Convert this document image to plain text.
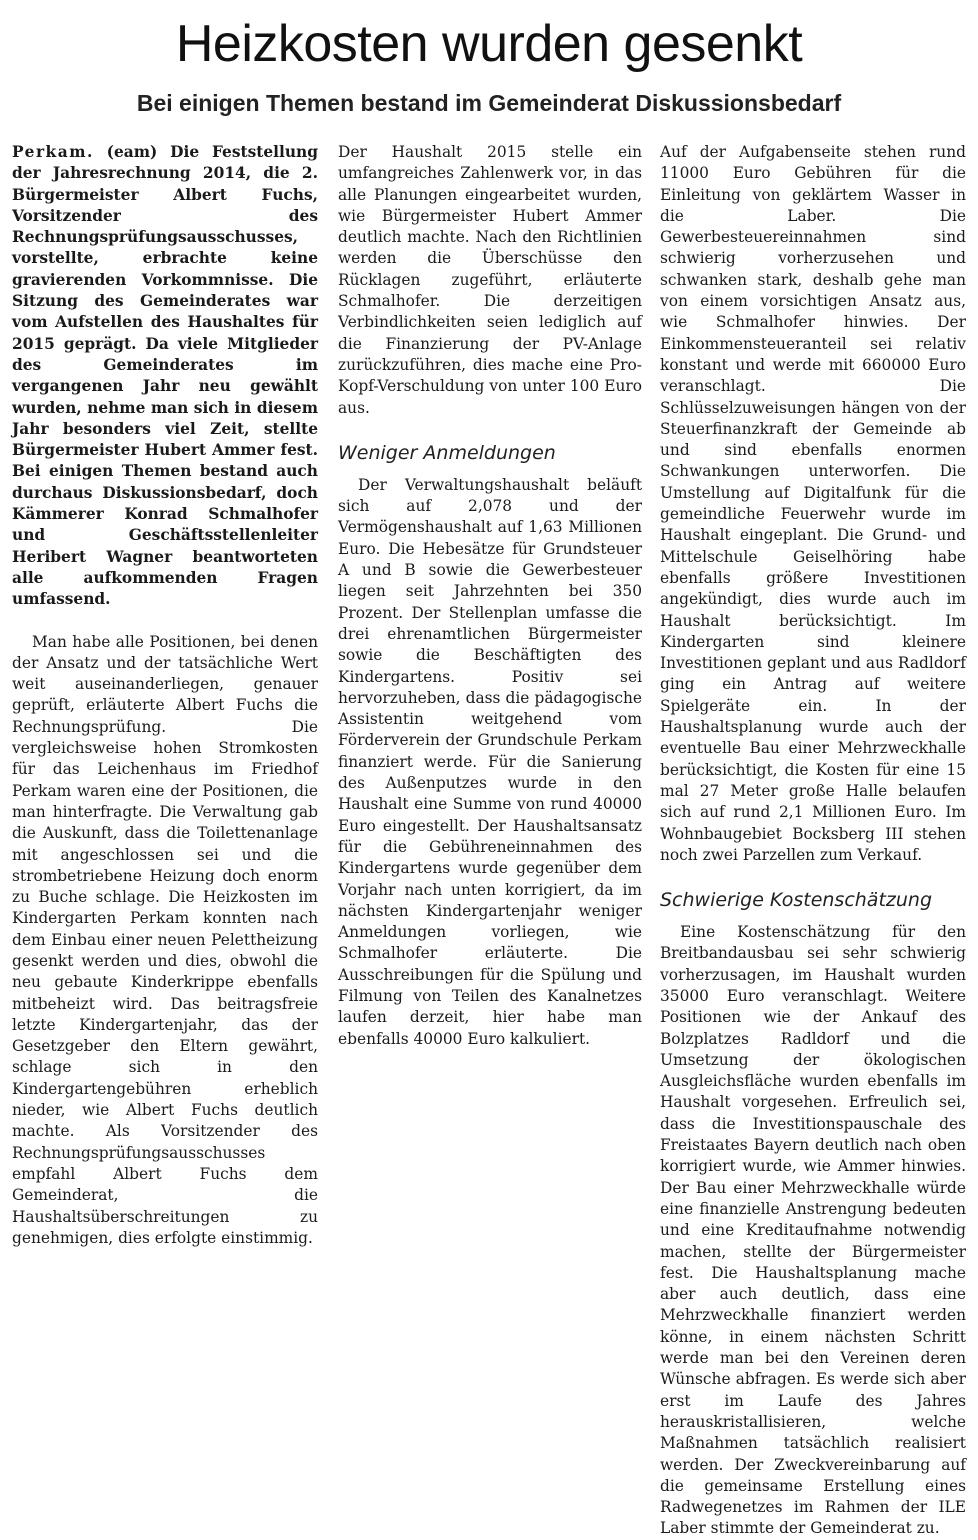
Heizkosten wurden gesenkt
Bei einigen Themen bestand im Gemeinderat Diskussionsbedarf

Perkam. (eam) Die Feststellung der Jahresrechnung 2014, die 2. Bürgermeister Albert Fuchs, Vorsitzender des Rechnungsprüfungsausschusses, vorstellte, erbrachte keine gravierenden Vorkommnisse. Die Sitzung des Gemeinderates war vom Aufstellen des Haushaltes für 2015 geprägt. Da viele Mitglieder des Gemeinderates im vergangenen Jahr neu gewählt wurden, nehme man sich in diesem Jahr besonders viel Zeit, stellte Bürgermeister Hubert Ammer fest. Bei einigen Themen bestand auch durchaus Diskussionsbedarf, doch Kämmerer Konrad Schmalhofer und Geschäftsstellenleiter Heribert Wagner beantworteten alle aufkommenden Fragen umfassend.

Man habe alle Positionen, bei denen der Ansatz und der tatsächliche Wert weit auseinanderliegen, genauer geprüft, erläuterte Albert Fuchs die Rechnungsprüfung. Die vergleichsweise hohen Stromkosten für das Leichenhaus im Friedhof Perkam waren eine der Positionen, die man hinterfragte. Die Verwaltung gab die Auskunft, dass die Toilettenanlage mit angeschlossen sei und die strombetriebene Heizung doch enorm zu Buche schlage. Die Heizkosten im Kindergarten Perkam konnten nach dem Einbau einer neuen Pelettheizung gesenkt werden und dies, obwohl die neu gebaute Kinderkrippe ebenfalls mitbeheizt wird. Das beitragsfreie letzte Kindergartenjahr, das der Gesetzgeber den Eltern gewährt, schlage sich in den Kindergartengebühren erheblich nieder, wie Albert Fuchs deutlich machte. Als Vorsitzender des Rechnungsprüfungsausschusses empfahl Albert Fuchs dem Gemeinderat, die Haushaltsüberschreitungen zu genehmigen, dies erfolgte einstimmig.

Der Haushalt 2015 stelle ein umfangreiches Zahlenwerk vor, in das alle Planungen eingearbeitet wurden, wie Bürgermeister Hubert Ammer deutlich machte. Nach den Richtlinien werden die Überschüsse den Rücklagen zugeführt, erläuterte Schmalhofer. Die derzeitigen Verbindlichkeiten seien lediglich auf die Finanzierung der PV-Anlage zurückzuführen, dies mache eine Pro-Kopf-Verschuldung von unter 100 Euro aus.

Weniger Anmeldungen

Der Verwaltungshaushalt beläuft sich auf 2,078 und der Vermögenshaushalt auf 1,63 Millionen Euro. Die Hebesätze für Grundsteuer A und B sowie die Gewerbesteuer liegen seit Jahrzehnten bei 350 Prozent. Der Stellenplan umfasse die drei ehrenamtlichen Bürgermeister sowie die Beschäftigten des Kindergartens. Positiv sei hervorzuheben, dass die pädagogische Assistentin weitgehend vom Förderverein der Grundschule Perkam finanziert werde. Für die Sanierung des Außenputzes wurde in den Haushalt eine Summe von rund 40000 Euro eingestellt. Der Haushaltsansatz für die Gebühreneinnahmen des Kindergartens wurde gegenüber dem Vorjahr nach unten korrigiert, da im nächsten Kindergartenjahr weniger Anmeldungen vorliegen, wie Schmalhofer erläuterte. Die Ausschreibungen für die Spülung und Filmung von Teilen des Kanalnetzes laufen derzeit, hier habe man ebenfalls 40000 Euro kalkuliert.

Auf der Aufgabenseite stehen rund 11000 Euro Gebühren für die Einleitung von geklärtem Wasser in die Laber. Die Gewerbesteuereinnahmen sind schwierig vorherzusehen und schwanken stark, deshalb gehe man von einem vorsichtigen Ansatz aus, wie Schmalhofer hinwies. Der Einkommensteueranteil sei relativ konstant und werde mit 660000 Euro veranschlagt. Die Schlüsselzuweisungen hängen von der Steuerfinanzkraft der Gemeinde ab und sind ebenfalls enormen Schwankungen unterworfen. Die Umstellung auf Digitalfunk für die gemeindliche Feuerwehr wurde im Haushalt eingeplant. Die Grund- und Mittelschule Geiselhöring habe ebenfalls größere Investitionen angekündigt, dies wurde auch im Haushalt berücksichtigt. Im Kindergarten sind kleinere Investitionen geplant und aus Radldorf ging ein Antrag auf weitere Spielgeräte ein. In der Haushaltsplanung wurde auch der eventuelle Bau einer Mehrzweckhalle berücksichtigt, die Kosten für eine 15 mal 27 Meter große Halle belaufen sich auf rund 2,1 Millionen Euro. Im Wohnbaugebiet Bocksberg III stehen noch zwei Parzellen zum Verkauf.

Schwierige Kostenschätzung

Eine Kostenschätzung für den Breitbandausbau sei sehr schwierig vorherzusagen, im Haushalt wurden 35000 Euro veranschlagt. Weitere Positionen wie der Ankauf des Bolzplatzes Radldorf und die Umsetzung der ökologischen Ausgleichsfläche wurden ebenfalls im Haushalt vorgesehen. Erfreulich sei, dass die Investitionspauschale des Freistaates Bayern deutlich nach oben korrigiert wurde, wie Ammer hinwies. Der Bau einer Mehrzweckhalle würde eine finanzielle Anstrengung bedeuten und eine Kreditaufnahme notwendig machen, stellte der Bürgermeister fest. Die Haushaltsplanung mache aber auch deutlich, dass eine Mehrzweckhalle finanziert werden könne, in einem nächsten Schritt werde man bei den Vereinen deren Wünsche abfragen. Es werde sich aber erst im Laufe des Jahres herauskristallisieren, welche Maßnahmen tatsächlich realisiert werden. Der Zweckvereinbarung auf die gemeinsame Erstellung eines Radwegenetzes im Rahmen der ILE Laber stimmte der Gemeinderat zu.
